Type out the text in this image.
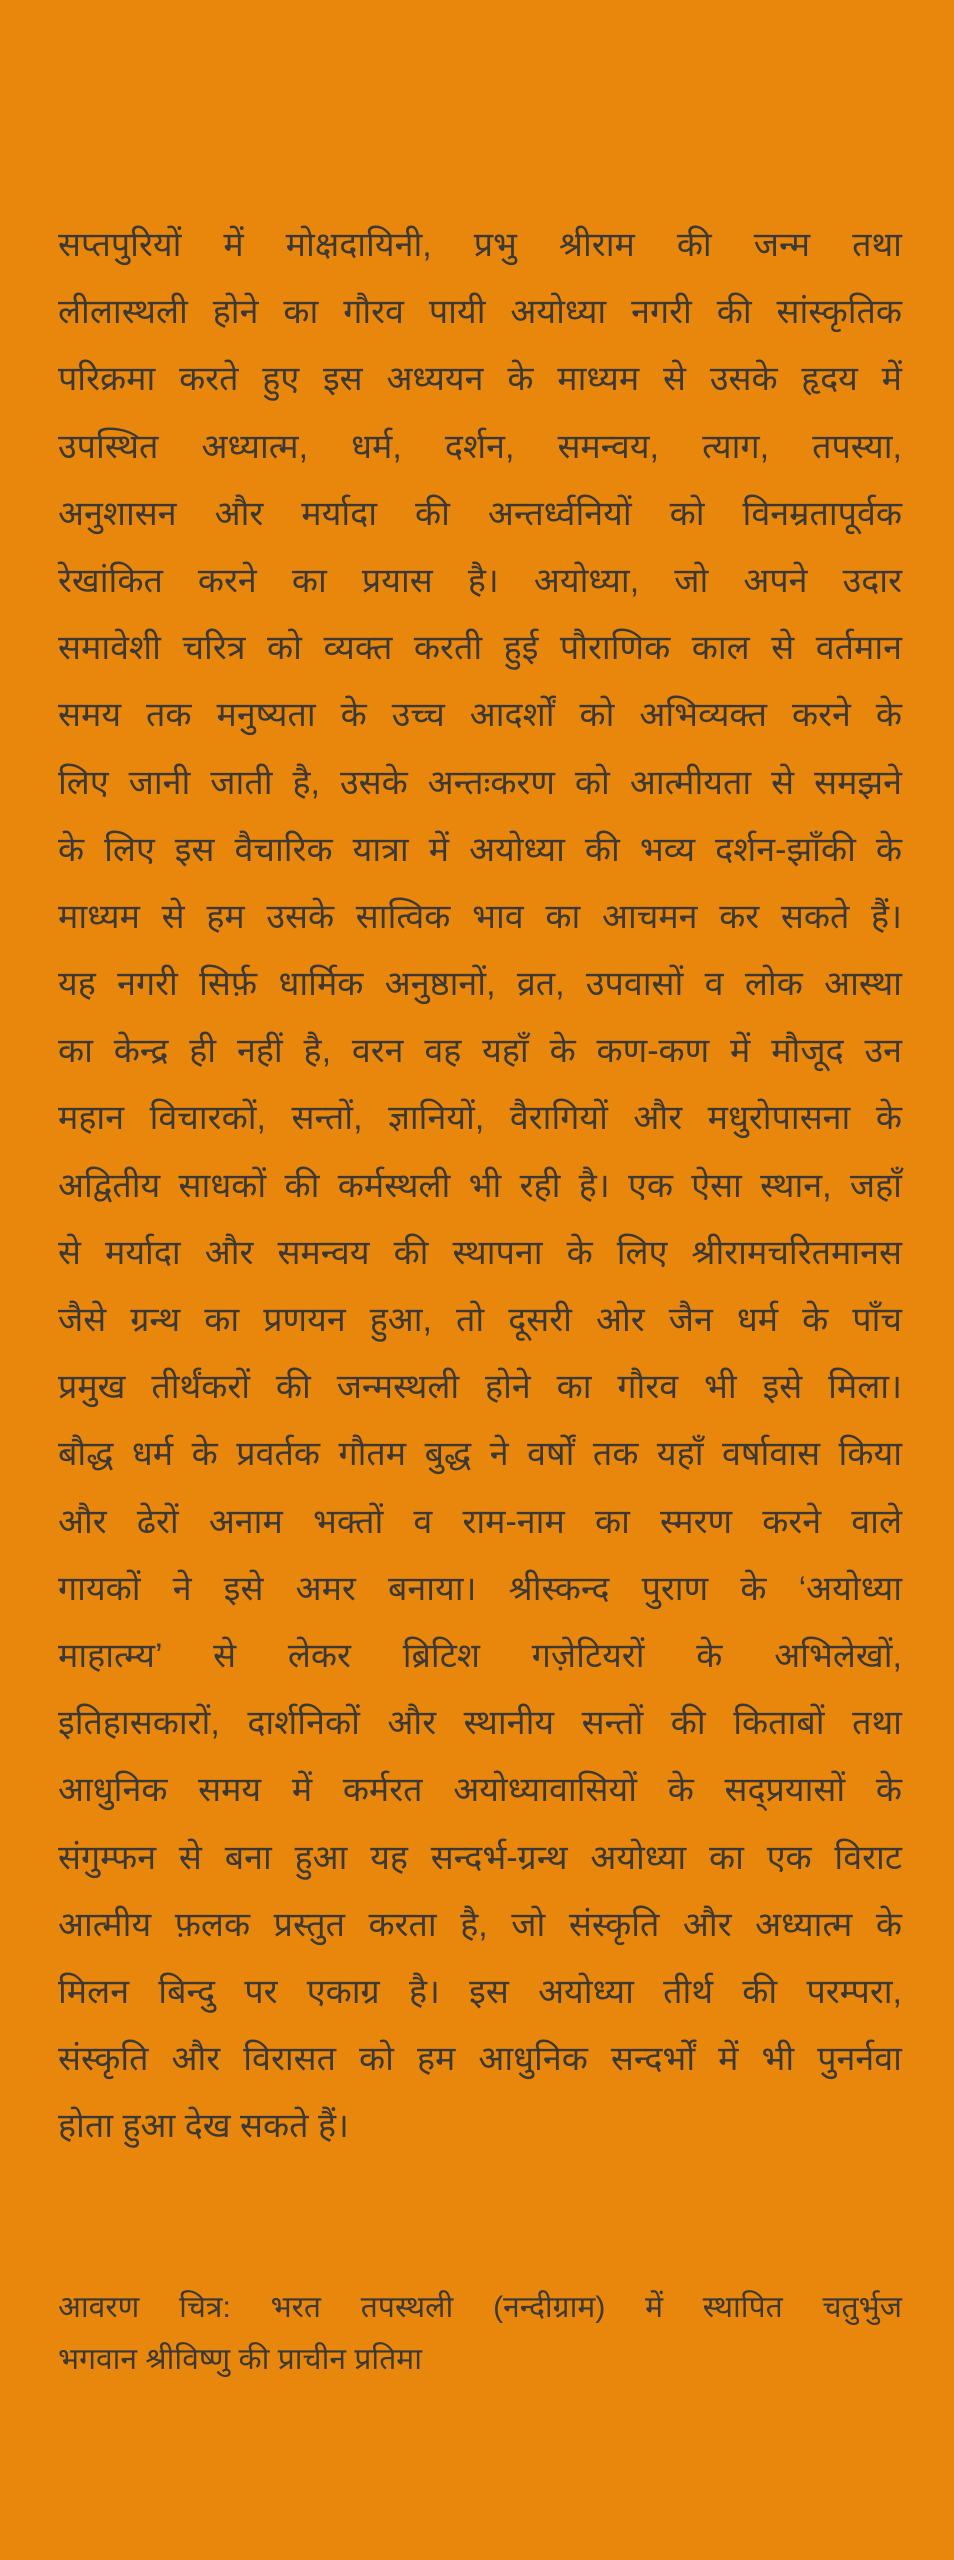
सप्तपुरियों में मोक्षदायिनी, प्रभु श्रीराम की जन्म तथा
लीलास्थली होने का गौरव पायी अयोध्या नगरी की सांस्कृतिक
परिक्रमा करते हुए इस अध्ययन के माध्यम से उसके हृदय में
उपस्थित अध्यात्म, धर्म, दर्शन, समन्वय, त्याग, तपस्या,
अनुशासन और मर्यादा की अन्तर्ध्वनियों को विनम्रतापूर्वक
रेखांकित करने का प्रयास है। अयोध्या, जो अपने उदार
समावेशी चरित्र को व्यक्त करती हुई पौराणिक काल से वर्तमान
समय तक मनुष्यता के उच्च आदर्शों को अभिव्यक्त करने के
लिए जानी जाती है, उसके अन्तःकरण को आत्मीयता से समझने
के लिए इस वैचारिक यात्रा में अयोध्या की भव्य दर्शन-झाँकी के
माध्यम से हम उसके सात्विक भाव का आचमन कर सकते हैं।
यह नगरी सिर्फ़ धार्मिक अनुष्ठानों, व्रत, उपवासों व लोक आस्था
का केन्द्र ही नहीं है, वरन वह यहाँ के कण-कण में मौजूद उन
महान विचारकों, सन्तों, ज्ञानियों, वैरागियों और मधुरोपासना के
अद्वितीय साधकों की कर्मस्थली भी रही है। एक ऐसा स्थान, जहाँ
से मर्यादा और समन्वय की स्थापना के लिए श्रीरामचरितमानस
जैसे ग्रन्थ का प्रणयन हुआ, तो दूसरी ओर जैन धर्म के पाँच
प्रमुख तीर्थंकरों की जन्मस्थली होने का गौरव भी इसे मिला।
बौद्ध धर्म के प्रवर्तक गौतम बुद्ध ने वर्षों तक यहाँ वर्षावास किया
और ढेरों अनाम भक्तों व राम-नाम का स्मरण करने वाले
गायकों ने इसे अमर बनाया। श्रीस्कन्द पुराण के ‘अयोध्या
माहात्म्य’ से लेकर ब्रिटिश गज़ेटियरों के अभिलेखों,
इतिहासकारों, दार्शनिकों और स्थानीय सन्तों की किताबों तथा
आधुनिक समय में कर्मरत अयोध्यावासियों के सद्प्रयासों के
संगुम्फन से बना हुआ यह सन्दर्भ-ग्रन्थ अयोध्या का एक विराट
आत्मीय फ़लक प्रस्तुत करता है, जो संस्कृति और अध्यात्म के
मिलन बिन्दु पर एकाग्र है। इस अयोध्या तीर्थ की परम्परा,
संस्कृति और विरासत को हम आधुनिक सन्दर्भों में भी पुनर्नवा
होता हुआ देख सकते हैं।
आवरण चित्र: भरत तपस्थली (नन्दीग्राम) में स्थापित चतुर्भुज
भगवान श्रीविष्णु की प्राचीन प्रतिमा
